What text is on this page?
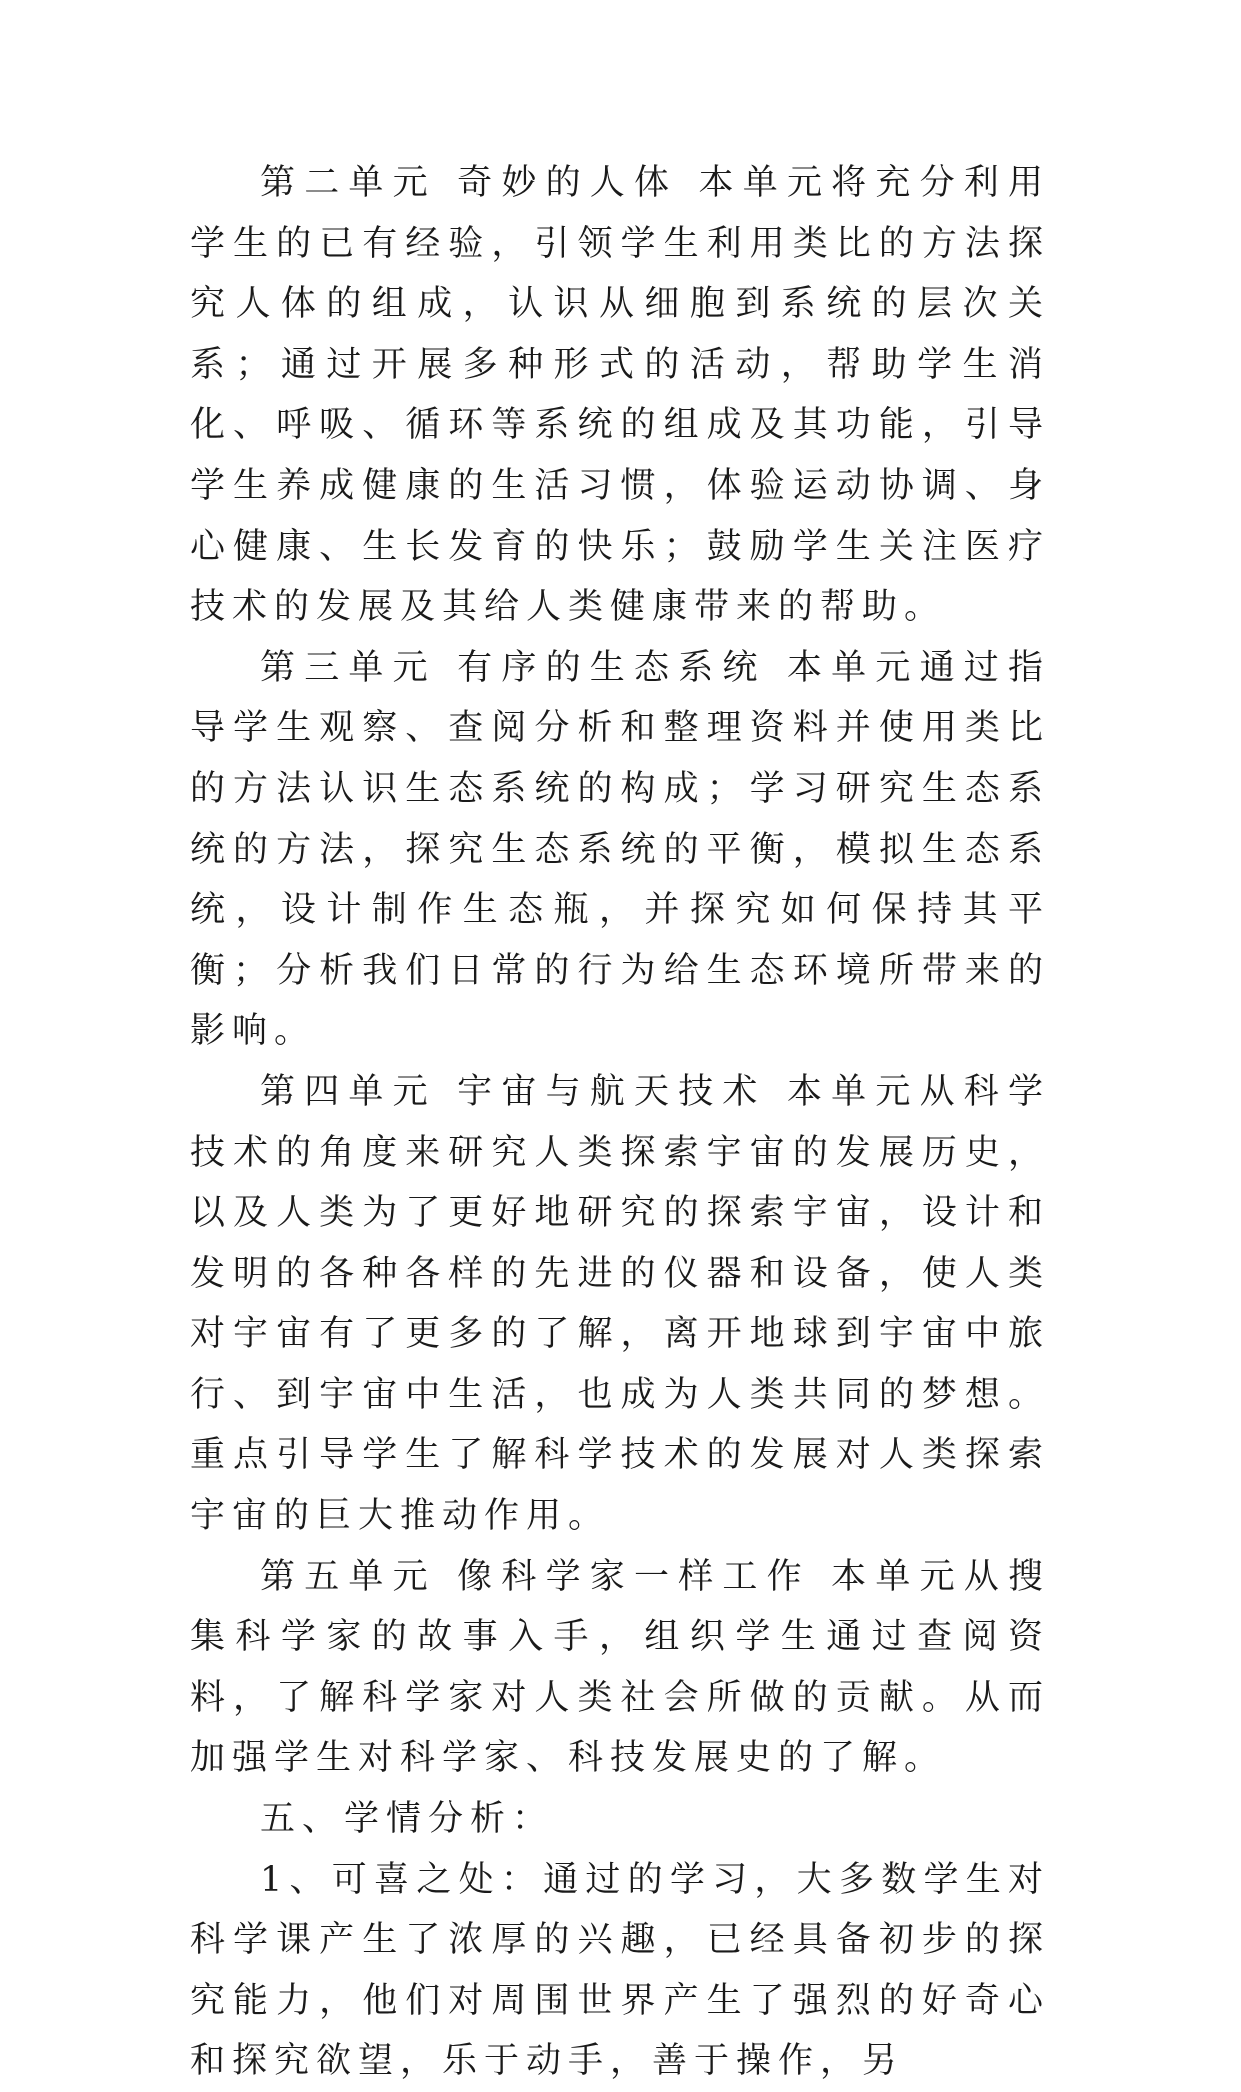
第二单元 奇妙的人体 本单元将充分利用学生的已有经验，引领学生利用类比的方法探究人体的组成，认识从细胞到系统的层次关系；通过开展多种形式的活动，帮助学生消化、呼吸、循环等系统的组成及其功能，引导学生养成健康的生活习惯，体验运动协调、身心健康、生长发育的快乐；鼓励学生关注医疗技术的发展及其给人类健康带来的帮助。

第三单元 有序的生态系统 本单元通过指导学生观察、查阅分析和整理资料并使用类比的方法认识生态系统的构成；学习研究生态系统的方法，探究生态系统的平衡，模拟生态系统，设计制作生态瓶，并探究如何保持其平衡；分析我们日常的行为给生态环境所带来的影响。

第四单元 宇宙与航天技术 本单元从科学技术的角度来研究人类探索宇宙的发展历史，以及人类为了更好地研究的探索宇宙，设计和发明的各种各样的先进的仪器和设备，使人类对宇宙有了更多的了解，离开地球到宇宙中旅行、到宇宙中生活，也成为人类共同的梦想。重点引导学生了解科学技术的发展对人类探索宇宙的巨大推动作用。

第五单元 像科学家一样工作 本单元从搜集科学家的故事入手，组织学生通过查阅资料，了解科学家对人类社会所做的贡献。从而加强学生对科学家、科技发展史的了解。

五、学情分析：

1、可喜之处：通过的学习，大多数学生对科学课产生了浓厚的兴趣，已经具备初步的探究能力，他们对周围世界产生了强烈的好奇心和探究欲望，乐于动手，善于操作，另
